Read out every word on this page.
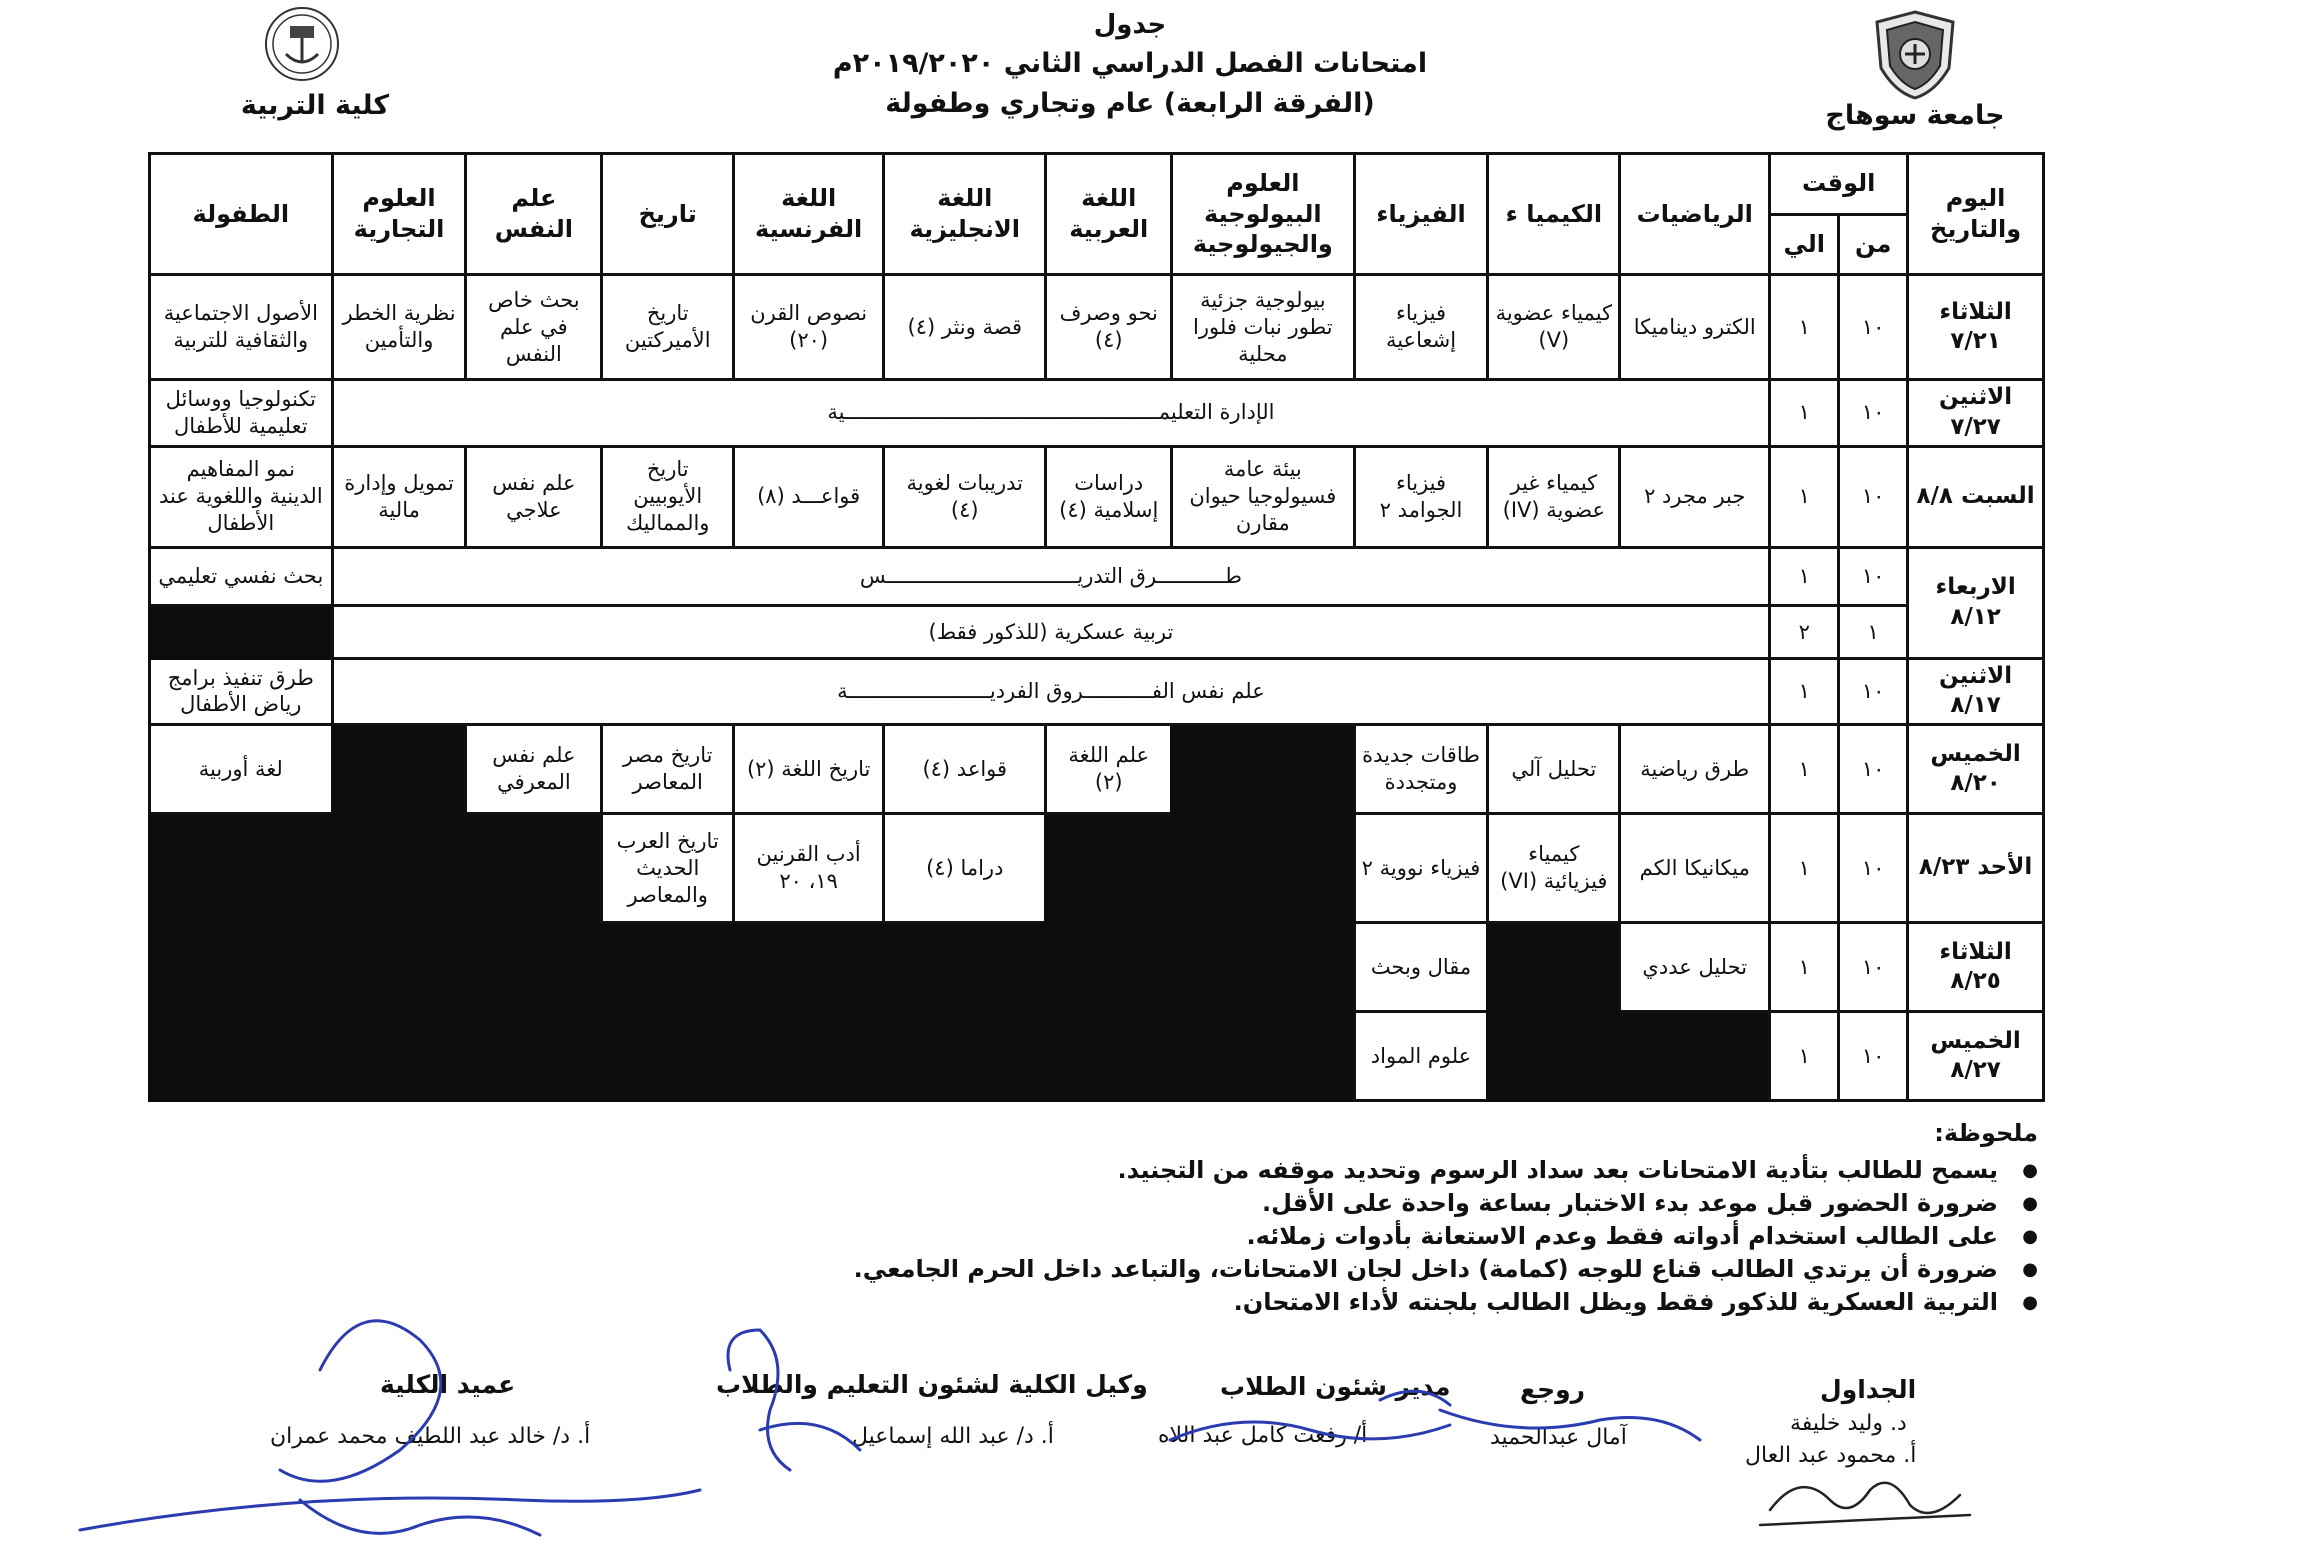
جامعة سوهاج
كلية التربية
جدول
امتحانات الفصل الدراسي الثاني ٢٠١٩/٢٠٢٠م
(الفرقة الرابعة) عام وتجاري وطفولة
اليوم والتاريخ	الوقت		الرياضيات	الكيميا ء	الفيزياء	العلوم البيولوجية والجيولوجية	اللغة العربية	اللغة الانجليزية	اللغة الفرنسية	تاريخ	علم النفس	العلوم التجارية	الطفولة
	من	الي											
الثلاثاء ٧/٢١	١٠	١	الكترو ديناميكا	كيمياء عضوية (V)	فيزياء إشعاعية	بيولوجية جزئية تطور نبات فلورا محلية	نحو وصرف (٤)	قصة ونثر (٤)	نصوص القرن (٢٠)	تاريخ الأميركتين	بحث خاص في علم النفس	نظرية الخطر والتأمين	الأصول الاجتماعية والثقافية للتربية
الاثنين ٧/٢٧	١٠	١	الإدارة التعليمـــــــــــــــــــــــــــــــــــــــــــــــــــية										تكنولوجيا ووسائل تعليمية للأطفال
السبت ٨/٨	١٠	١	جبر مجرد ٢	كيمياء غير عضوية (IV)	فيزياء الجوامد ٢	بيئة عامة فسيولوجيا حيوان مقارن	دراسات إسلامية (٤)	تدريبات لغوية (٤)	قواعـــد (٨)	تاريخ الأيوبيين والمماليك	علم نفس علاجي	تمويل وإدارة مالية	نمو المفاهيم الدينية واللغوية عند الأطفال
الاربعاء ٨/١٢	١٠	١	طـــــــــــرق التدريـــــــــــــــــــــــــــــــس										بحث نفسي تعليمي
	١	٢	تربية عسكرية (للذكور فقط)										
الاثنين ٨/١٧	١٠	١	علم نفس الفـــــــــــروق الفرديـــــــــــــــــــــــة										طرق تنفيذ برامج رياض الأطفال
الخميس ٨/٢٠	١٠	١	طرق رياضية	تحليل آلي	طاقات جديدة ومتجددة		علم اللغة (٢)	قواعد (٤)	تاريخ اللغة (٢)	تاريخ مصر المعاصر	علم نفس المعرفي		لغة أوربية
الأحد ٨/٢٣	١٠	١	ميكانيكا الكم	كيمياء فيزيائية (VI)	فيزياء نووية ٢			دراما (٤)	أدب القرنين ١٩، ٢٠	تاريخ العرب الحديث والمعاصر			
الثلاثاء ٨/٢٥	١٠	١	تحليل عددي		مقال وبحث								
الخميس ٨/٢٧	١٠	١			علوم المواد								
ملحوظة:
● يسمح للطالب بتأدية الامتحانات بعد سداد الرسوم وتحديد موقفه من التجنيد.
● ضرورة الحضور قبل موعد بدء الاختبار بساعة واحدة على الأقل.
● على الطالب استخدام أدواته فقط وعدم الاستعانة بأدوات زملائه.
● ضرورة أن يرتدي الطالب قناع للوجه (كمامة) داخل لجان الامتحانات، والتباعد داخل الحرم الجامعي.
● التربية العسكرية للذكور فقط ويظل الطالب بلجنته لأداء الامتحان.
الجداول
د. وليد خليفة
أ. محمود عبد العال
روجع
آمال عبدالحميد
مدير شئون الطلاب
أ/ رفعت كامل عبد اللاه
وكيل الكلية لشئون التعليم والطلاب
أ. د/ عبد الله إسماعيل
عميد الكلية
أ. د/ خالد عبد اللطيف محمد عمران
